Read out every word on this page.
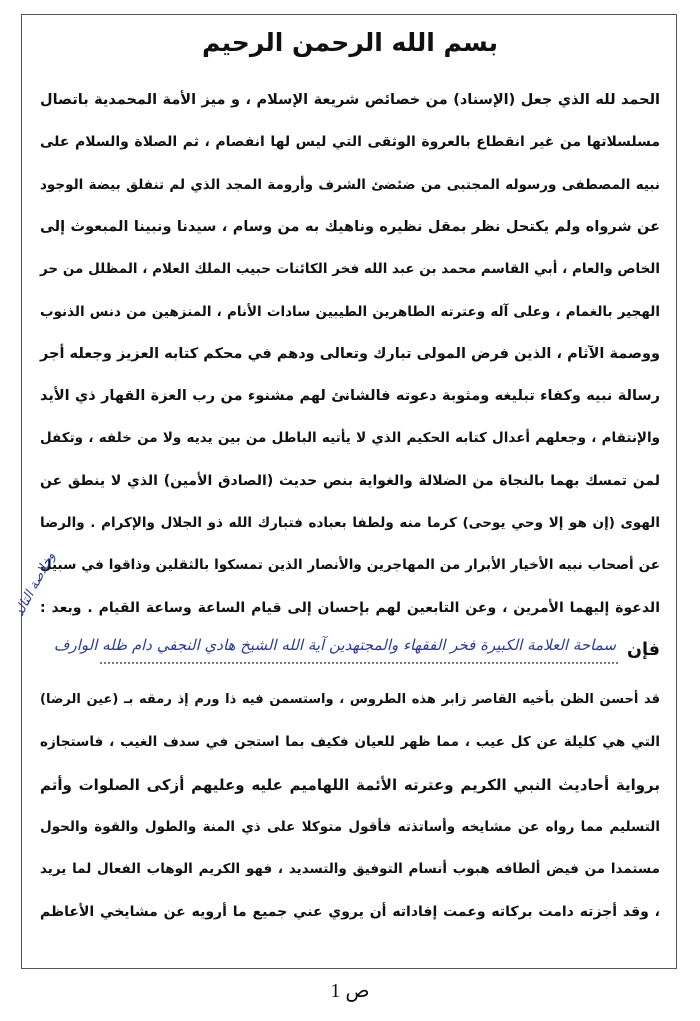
بسم الله الرحمن الرحيم
الحمد لله الذي جعل (الإسناد) من خصائص شريعة الإسلام ، و ميز الأمة المحمدية باتصال
مسلسلاتها من غير انقطاع بالعروة الوثقى التي ليس لها انفصام ، ثم الصلاة والسلام على
نبيه المصطفى ورسوله المجتبى من ضئضئ الشرف وأرومة المجد الذي لم تنفلق بيضة الوجود
عن شرواه ولم يكتحل نظر بمقل نظيره وناهيك به من وسام ، سيدنا ونبينا المبعوث إلى
الخاص والعام ، أبي القاسم محمد بن عبد الله فخر الكائنات حبيب الملك العلام ، المظلل من حر
الهجير بالغمام ، وعلى آله وعترته الطاهرين الطيبين سادات الأنام ، المنزهين من دنس الذنوب
ووصمة الآثام ، الذين فرض المولى تبارك وتعالى ودهم في محكم كتابه العزيز وجعله أجر
رسالة نبيه وكفاء تبليغه ومثوبة دعوته فالشانئ لهم مشنوء من رب العزة القهار ذي الأيد
والإنتقام ، وجعلهم أعدال كتابه الحكيم الذي لا يأتيه الباطل من بين يديه ولا من خلفه ، وتكفل
لمن تمسك بهما بالنجاة من الضلالة والغواية بنص حديث (الصادق الأمين) الذي لا ينطق عن
الهوى (إن هو إلا وحي يوحى) كرما منه ولطفا بعباده فتبارك الله ذو الجلال والإكرام . والرضا
عن أصحاب نبيه الأخيار الأبرار من المهاجرين والأنصار الذين تمسكوا بالثقلين وذاقوا في سبيل
الدعوة إليهما الأمرين ، وعن التابعين لهم بإحسان إلى قيام الساعة وساعة القيام . وبعد :
فإن
سماحة العلامة الكبيرة فخر الفقهاء والمجتهدين آية الله الشيخ هادي النجفي دام ظله الوارف
وخلاصة التالد
قد أحسن الظن بأخيه القاصر زابر هذه الطروس ، واستسمن فيه ذا ورم إذ رمقه بـ (عين الرضا)
التي هي كليلة عن كل عيب ، مما ظهر للعيان فكيف بما استجن في سدف الغيب ، فاستجازه
برواية أحاديث النبي الكريم وعترته الأئمة اللهاميم عليه وعليهم أزكى الصلوات وأتم
التسليم مما رواه عن مشايخه وأساتذته فأقول متوكلا على ذي المنة والطول والقوة والحول
مستمدا من فيض ألطافه هبوب أنسام التوفيق والتسديد ، فهو الكريم الوهاب الفعال لما يريد
، وقد أجزته دامت بركاته وعمت إفاداته أن يروي عني جميع ما أرويه عن مشايخي الأعاظم
ص 1
